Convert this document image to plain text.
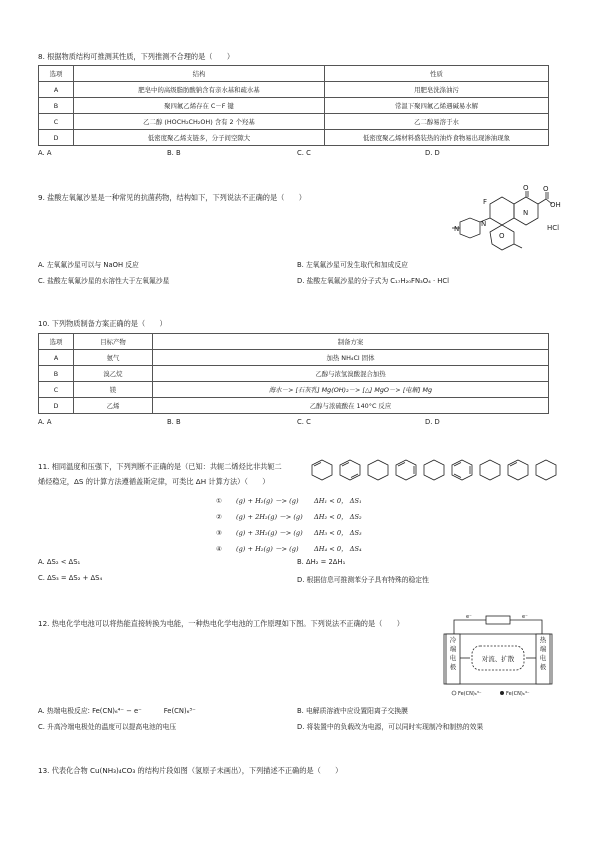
8. 根据物质结构可推测其性质，下列推测不合理的是（　　）
选项	结构	性质
A	肥皂中的高级脂肪酸钠含有亲水基和疏水基	用肥皂洗涤油污
B	聚四氟乙烯存在 C－F 键	常温下聚四氟乙烯遇碱易水解
C	乙二醇 (HOCH₂CH₂OH) 含有 2 个羟基	乙二醇易溶于水
D	低密度聚乙烯支链多，分子间空隙大	低密度聚乙烯材料盛装热的油炸食物易出现渗油现象
A. A	B. B	C. C	D. D
9. 盐酸左氧氟沙星是一种常见的抗菌药物，结构如下，下列说法不正确的是（　　）	F
O O
OH
O
N
N
N	HCl
A. 左氧氟沙星可以与 NaOH 反应	B. 左氧氟沙星可发生取代和加成反应
C. 盐酸左氧氟沙星的水溶性大于左氧氟沙星	D. 盐酸左氧氟沙星的分子式为 C₁₇H₂₀FN₃O₄ · HCl
10. 下列物质制备方案正确的是（　　）
选项	目标产物	制备方案
A	氨气	加热 NH₄Cl 固体
B	溴乙烷	乙醇与浓氢溴酸混合加热
C	镁	海水－> [石灰乳] Mg(OH)₂－> [△] MgO－> [电解] Mg
D	乙烯	乙醇与浓硫酸在 140°C 反应
A. A	B. B	C. C	D. D
11. 相同温度和压强下，下列判断不正确的是（已知：共轭二烯烃比非共轭二
烯烃稳定，ΔS 的计算方法遵循盖斯定律，可类比 ΔH 计算方法）（　　）
① (g) + H₂(g) －> (g) ΔH₁ < 0， ΔS₁
② (g) + 2H₂(g) －> (g) ΔH₂ < 0， ΔS₂
③ (g) + 3H₂(g) －> (g) ΔH₃ < 0， ΔS₃
④ (g) + H₂(g) －> (g) ΔH₄ < 0， ΔS₄
A. ΔS₂ < ΔS₁	B. ΔH₂ = 2ΔH₁
C. ΔS₃ = ΔS₂ + ΔS₄	D. 根据信息可推测苯分子具有特殊的稳定性
12. 热电化学电池可以将热能直接转换为电能，一种热电化学电池的工作原理如下图。下列说法不正确的是（　　）
e⁻	e⁻
冷端电极
热端电极
对流、扩散
Fe(CN)₆³⁻	Fe(CN)₆⁴⁻
A. 热端电极反应: Fe(CN)₆⁴⁻ − e⁻	Fe(CN)₆³⁻	B. 电解质溶液中应设置阳离子交换膜
C. 升高冷端电极处的温度可以提高电池的电压	D. 将装置中的负载改为电源，可以同时实现制冷和制热的效果
13. 代表化合物 Cu(NH₃)₄CO₃ 的结构片段如图（氢原子未画出），下列描述不正确的是（　　）
